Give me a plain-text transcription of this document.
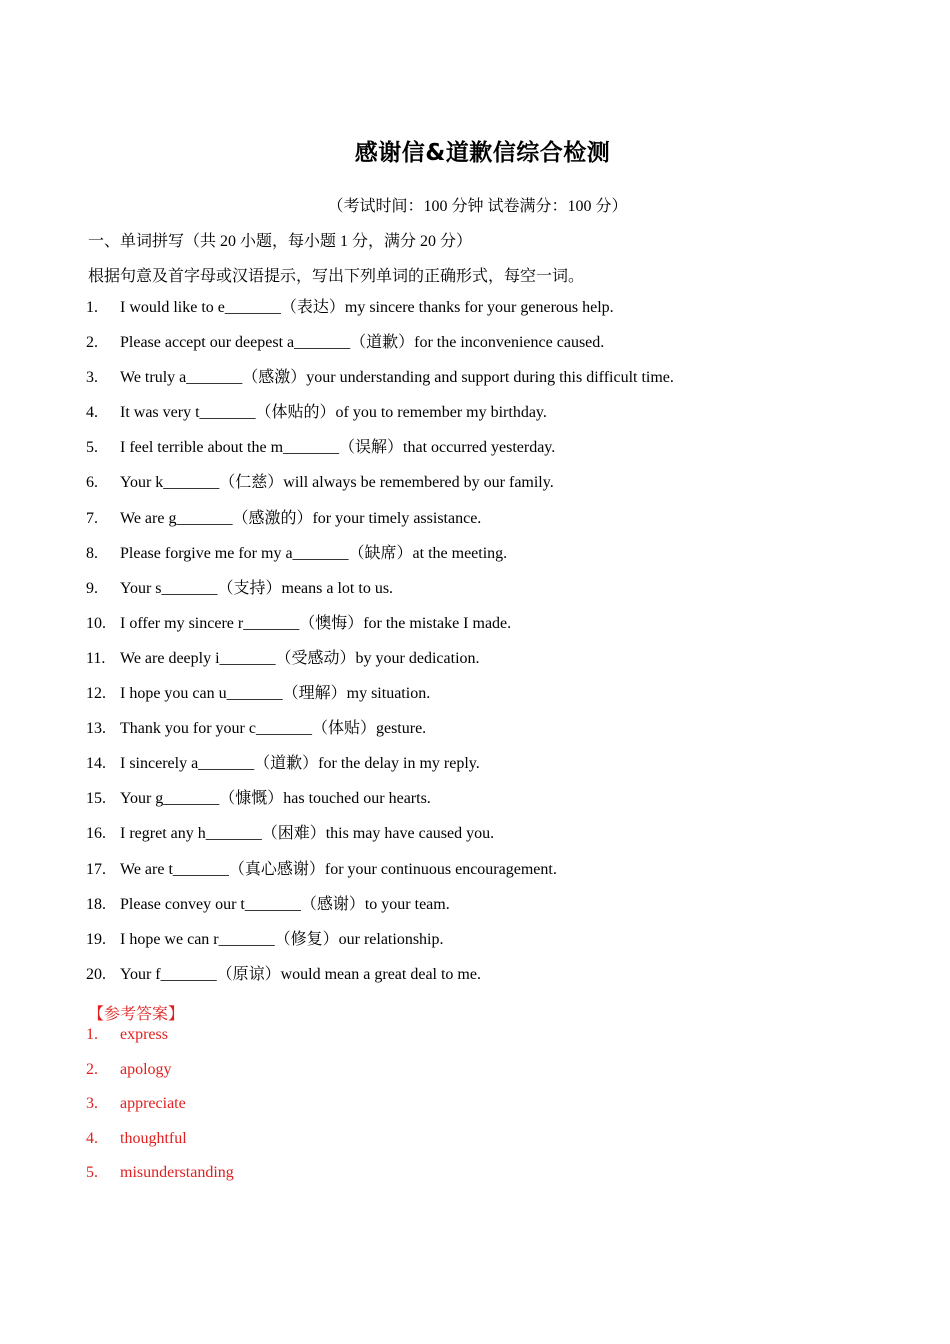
感谢信&道歉信综合检测
（考试时间：100 分钟 试卷满分：100 分）
一、单词拼写（共 20 小题，每小题 1 分，满分 20 分）
根据句意及首字母或汉语提示，写出下列单词的正确形式，每空一词。
1.	I would like to e_______（表达）my sincere thanks for your generous help.
2.	Please accept our deepest a_______（道歉）for the inconvenience caused.
3.	We truly a_______（感激）your understanding and support during this difficult time.
4.	It was very t_______（体贴的）of you to remember my birthday.
5.	I feel terrible about the m_______（误解）that occurred yesterday.
6.	Your k_______（仁慈）will always be remembered by our family.
7.	We are g_______（感激的）for your timely assistance.
8.	Please forgive me for my a_______（缺席）at the meeting.
9.	Your s_______（支持）means a lot to us.
10. I offer my sincere r_______（懊悔）for the mistake I made.
11. We are deeply i_______（受感动）by your dedication.
12. I hope you can u_______（理解）my situation.
13. Thank you for your c_______（体贴）gesture.
14. I sincerely a_______（道歉）for the delay in my reply.
15. Your g_______（慷慨）has touched our hearts.
16. I regret any h_______（困难）this may have caused you.
17. We are t_______（真心感谢）for your continuous encouragement.
18. Please convey our t_______（感谢）to your team.
19. I hope we can r_______（修复）our relationship.
20. Your f_______（原谅）would mean a great deal to me.
【参考答案】
1.	express
2.	apology
3.	appreciate
4.	thoughtful
5.	misunderstanding
